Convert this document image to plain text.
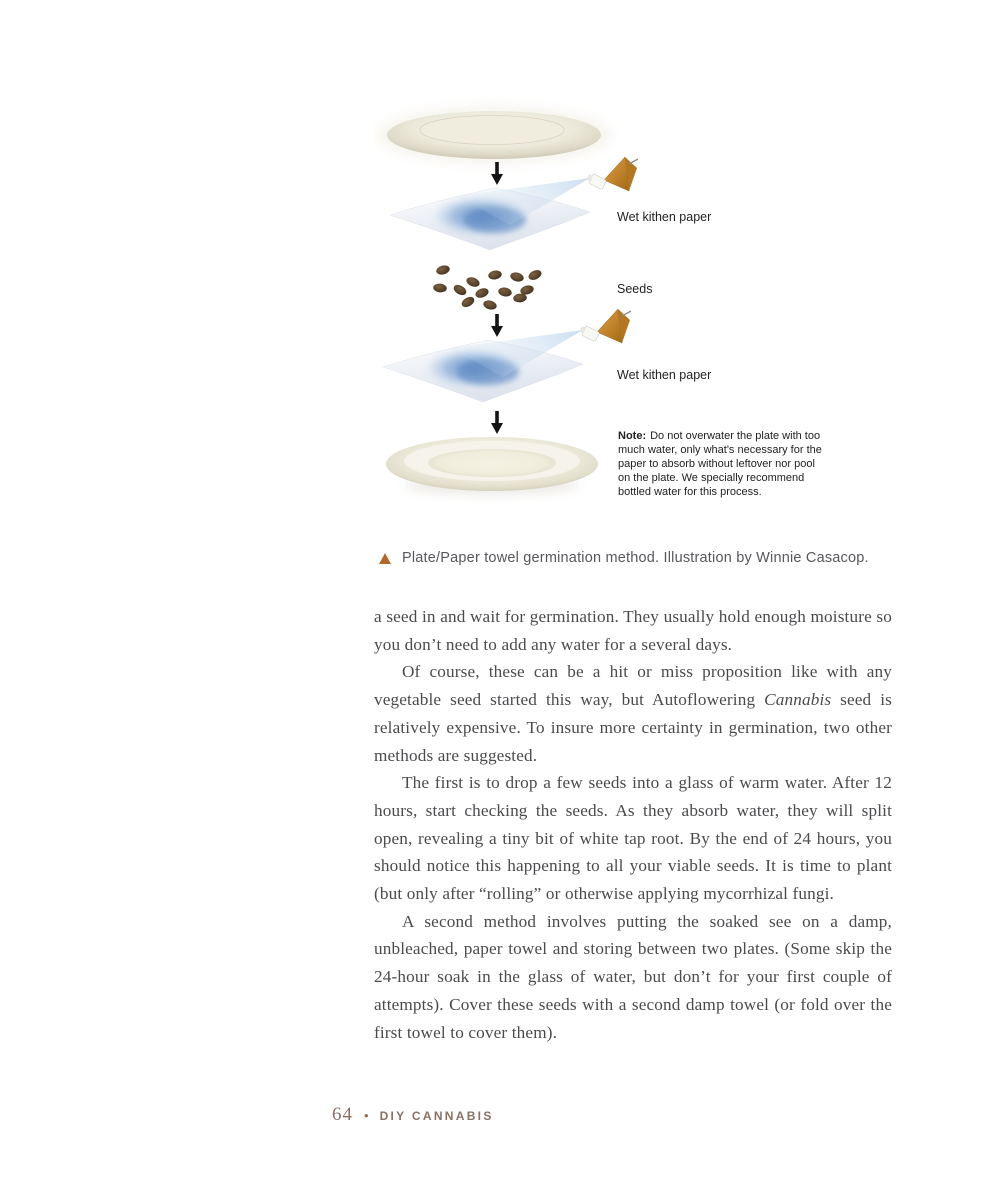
Wet kithen paper
Seeds
Wet kithen paper
Note: Do not overwater the plate with too much water, only what's necessary for the paper to absorb without leftover nor pool on the plate. We specially recommend bottled water for this process.
Plate/Paper towel germination method. Illustration by Winnie Casacop.

a seed in and wait for germination. They usually hold enough moisture so you don’t need to add any water for a several days.

Of course, these can be a hit or miss proposition like with any vegetable seed started this way, but Autoflowering Cannabis seed is relatively expensive. To insure more certainty in germination, two other methods are suggested.

The first is to drop a few seeds into a glass of warm water. After 12 hours, start checking the seeds. As they absorb water, they will split open, revealing a tiny bit of white tap root. By the end of 24 hours, you should notice this happening to all your viable seeds. It is time to plant (but only after “rolling” or otherwise applying mycorrhizal fungi.

A second method involves putting the soaked see on a damp, unbleached, paper towel and storing between two plates. (Some skip the 24-hour soak in the glass of water, but don’t for your first couple of attempts). Cover these seeds with a second damp towel (or fold over the first towel to cover them).

64 • DIY CANNABIS
